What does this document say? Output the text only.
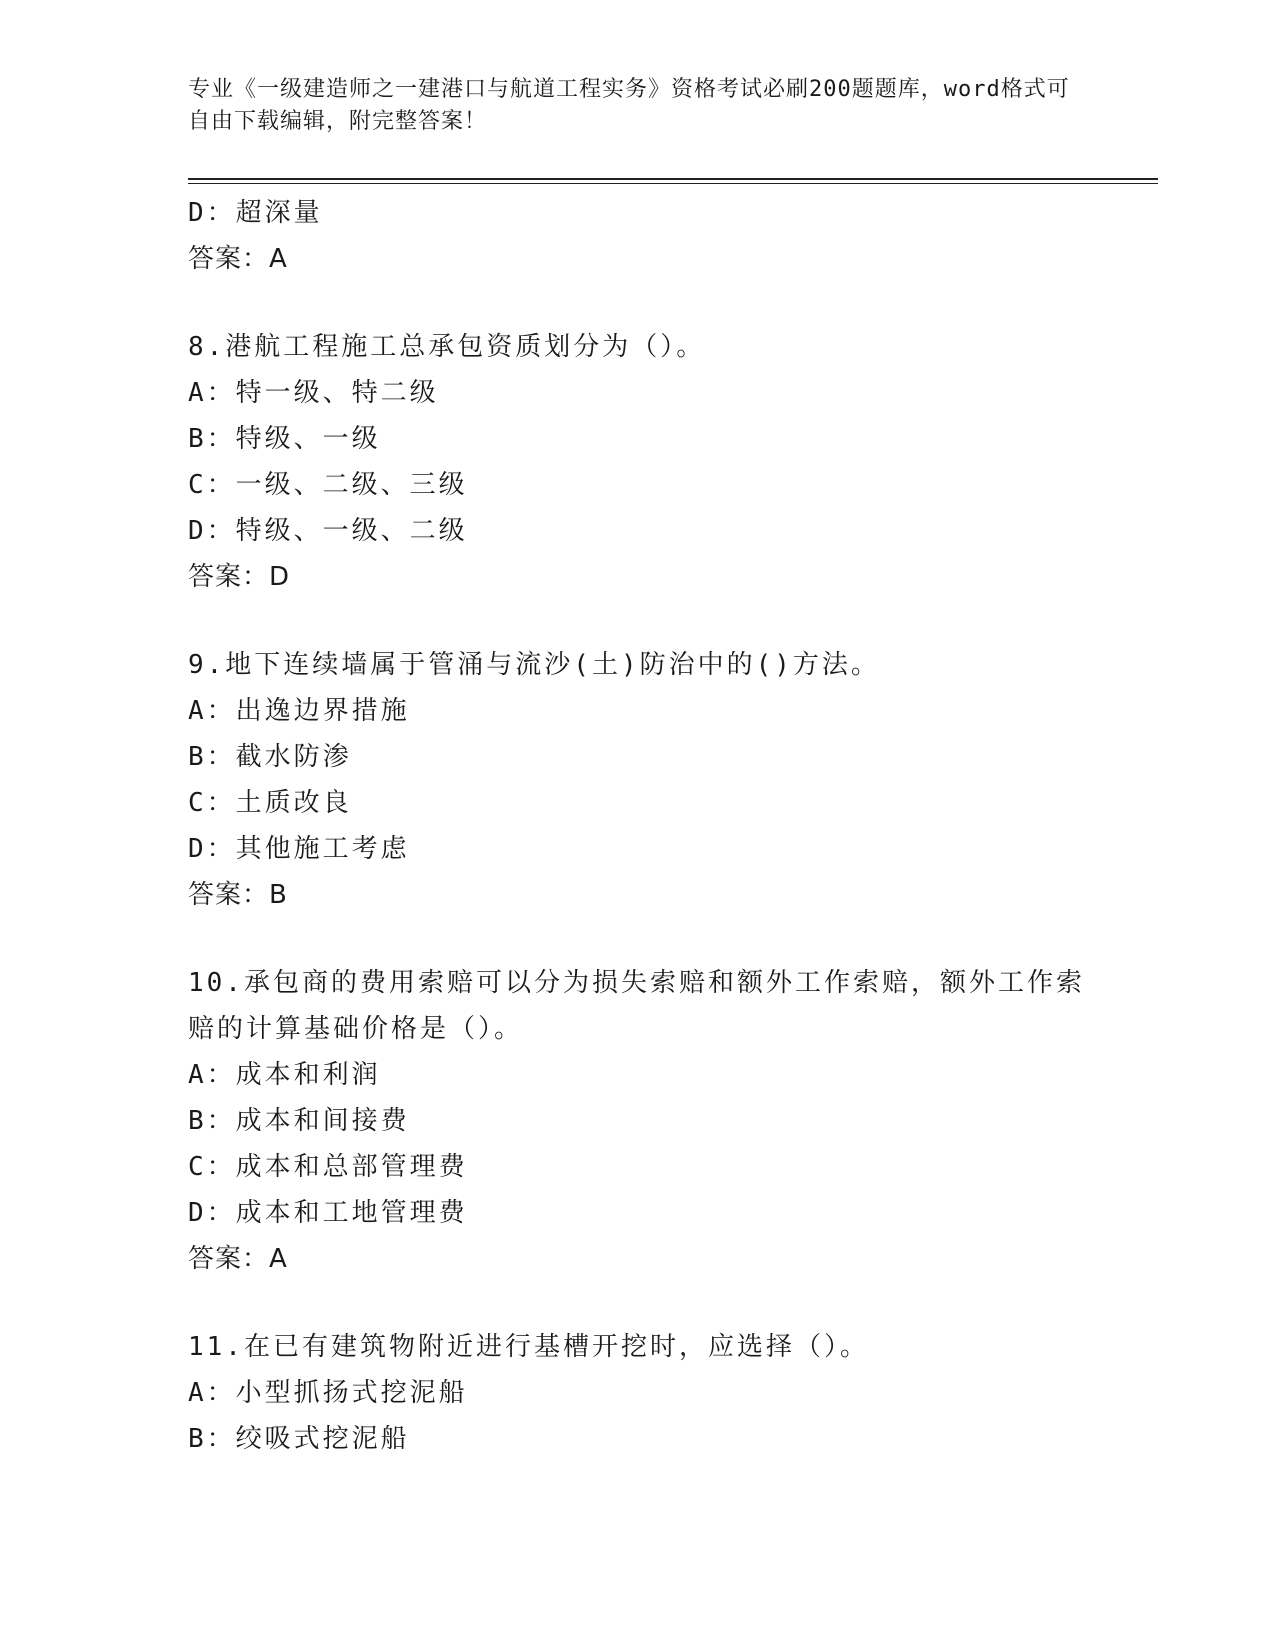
专业《一级建造师之一建港口与航道工程实务》资格考试必刷200题题库，word格式可自由下载编辑，附完整答案！
D：超深量
答案：A
8.港航工程施工总承包资质划分为（）。
A：特一级、特二级
B：特级、一级
C：一级、二级、三级
D：特级、一级、二级
答案：D
9.地下连续墙属于管涌与流沙(土)防治中的()方法。
A：出逸边界措施
B：截水防渗
C：土质改良
D：其他施工考虑
答案：B
10.承包商的费用索赔可以分为损失索赔和额外工作索赔，额外工作索赔的计算基础价格是（）。
A：成本和利润
B：成本和间接费
C：成本和总部管理费
D：成本和工地管理费
答案：A
11.在已有建筑物附近进行基槽开挖时，应选择（）。
A：小型抓扬式挖泥船
B：绞吸式挖泥船
